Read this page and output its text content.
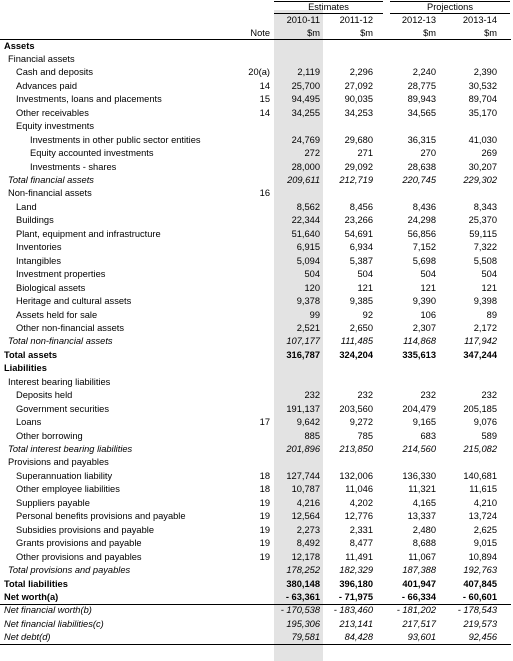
Estimates	Projections
2010-11	2011-12	2012-13	2013-14
Note	$m	$m	$m	$m
Assets
Financial assets
Cash and deposits	20(a)	2,119	2,296	2,240	2,390
Advances paid	14	25,700	27,092	28,775	30,532
Investments, loans and placements	15	94,495	90,035	89,943	89,704
Other receivables	14	34,255	34,253	34,565	35,170
Equity investments
Investments in other public sector entities	24,769	29,680	36,315	41,030
Equity accounted investments	272	271	270	269
Investments - shares	28,000	29,092	28,638	30,207
Total financial assets	209,611	212,719	220,745	229,302
Non-financial assets	16
Land	8,562	8,456	8,436	8,343
Buildings	22,344	23,266	24,298	25,370
Plant, equipment and infrastructure	51,640	54,691	56,856	59,115
Inventories	6,915	6,934	7,152	7,322
Intangibles	5,094	5,387	5,698	5,508
Investment properties	504	504	504	504
Biological assets	120	121	121	121
Heritage and cultural assets	9,378	9,385	9,390	9,398
Assets held for sale	99	92	106	89
Other non-financial assets	2,521	2,650	2,307	2,172
Total non-financial assets	107,177	111,485	114,868	117,942
Total assets	316,787	324,204	335,613	347,244
Liabilities
Interest bearing liabilities
Deposits held	232	232	232	232
Government securities	191,137	203,560	204,479	205,185
Loans	17	9,642	9,272	9,165	9,076
Other borrowing	885	785	683	589
Total interest bearing liabilities	201,896	213,850	214,560	215,082
Provisions and payables
Superannuation liability	18	127,744	132,006	136,330	140,681
Other employee liabilities	18	10,787	11,046	11,321	11,615
Suppliers payable	19	4,216	4,202	4,165	4,210
Personal benefits provisions and payable	19	12,564	12,776	13,337	13,724
Subsidies provisions and payable	19	2,273	2,331	2,480	2,625
Grants provisions and payable	19	8,492	8,477	8,688	9,015
Other provisions and payables	19	12,178	11,491	11,067	10,894
Total provisions and payables	178,252	182,329	187,388	192,763
Total liabilities	380,148	396,180	401,947	407,845
Net worth(a)	- 63,361	- 71,975	- 66,334	- 60,601
Net financial worth(b)	- 170,538	- 183,460	- 181,202	- 178,543
Net financial liabilities(c)	195,306	213,141	217,517	219,573
Net debt(d)	79,581	84,428	93,601	92,456
